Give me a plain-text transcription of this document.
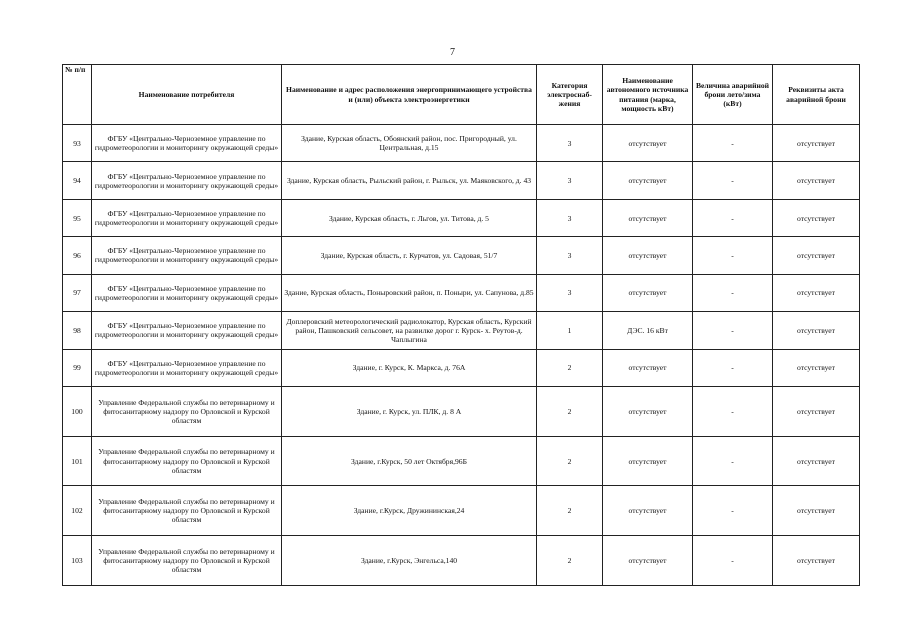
7
№ п/п	Наименование потребителя	Наименование и адрес расположения энергопринимающего устройства и (или) объекта электроэнергетики	Категория электроснаб- жения	Наименование автономного источника питания (марка, мощность кВт)	Величина аварийной брони лето/зима (кВт)	Реквизиты акта аварийной брони
93	ФГБУ «Центрально-Черноземное управление по гидрометеорологии и мониторингу окружающей среды»	Здание, Курская область, Обоянский район, пос. Пригородный, ул. Центральная, д.15	3	отсутствует	-	отсутствует
94	ФГБУ «Центрально-Черноземное управление по гидрометеорологии и мониторингу окружающей среды»	Здание, Курская область, Рыльский район, г. Рыльск, ул. Маяковского, д. 43	3	отсутствует	-	отсутствует
95	ФГБУ «Центрально-Черноземное управление по гидрометеорологии и мониторингу окружающей среды»	Здание, Курская область, г. Льгов, ул. Титова, д. 5	3	отсутствует	-	отсутствует
96	ФГБУ «Центрально-Черноземное управление по гидрометеорологии и мониторингу окружающей среды»	Здание, Курская область, г. Курчатов, ул. Садовая, 51/7	3	отсутствует	-	отсутствует
97	ФГБУ «Центрально-Черноземное управление по гидрометеорологии и мониторингу окружающей среды»	Здание, Курская область, Поныровский район, п. Поныри, ул. Сапунова, д.85	3	отсутствует	-	отсутствует
98	ФГБУ «Центрально-Черноземное управление по гидрометеорологии и мониторингу окружающей среды»	Доплеровский метеорологический радиолокатор, Курская область, Курский район, Пашковский сельсовет, на развилке дорог г. Курск- х. Реутов-д. Чаплыгина	1	ДЭС. 16 кВт	-	отсутствует
99	ФГБУ «Центрально-Черноземное управление по гидрометеорологии и мониторингу окружающей среды»	Здание, г. Курск, К. Маркса, д. 76А	2	отсутствует	-	отсутствует
100	Управление Федеральной службы по ветеринарному и фитосанитарному надзору по Орловской и Курской областям	Здание, г. Курск, ул. ПЛК, д. 8 А	2	отсутствует	-	отсутствует
101	Управление Федеральной службы по ветеринарному и фитосанитарному надзору по Орловской и Курской областям	Здание, г.Курск, 50 лет Октября,96Б	2	отсутствует	-	отсутствует
102	Управление Федеральной службы по ветеринарному и фитосанитарному надзору по Орловской и Курской областям	Здание, г.Курск, Дружининская,24	2	отсутствует	-	отсутствует
103	Управление Федеральной службы по ветеринарному и фитосанитарному надзору по Орловской и Курской областям	Здание, г.Курск, Энгельса,140	2	отсутствует	-	отсутствует
